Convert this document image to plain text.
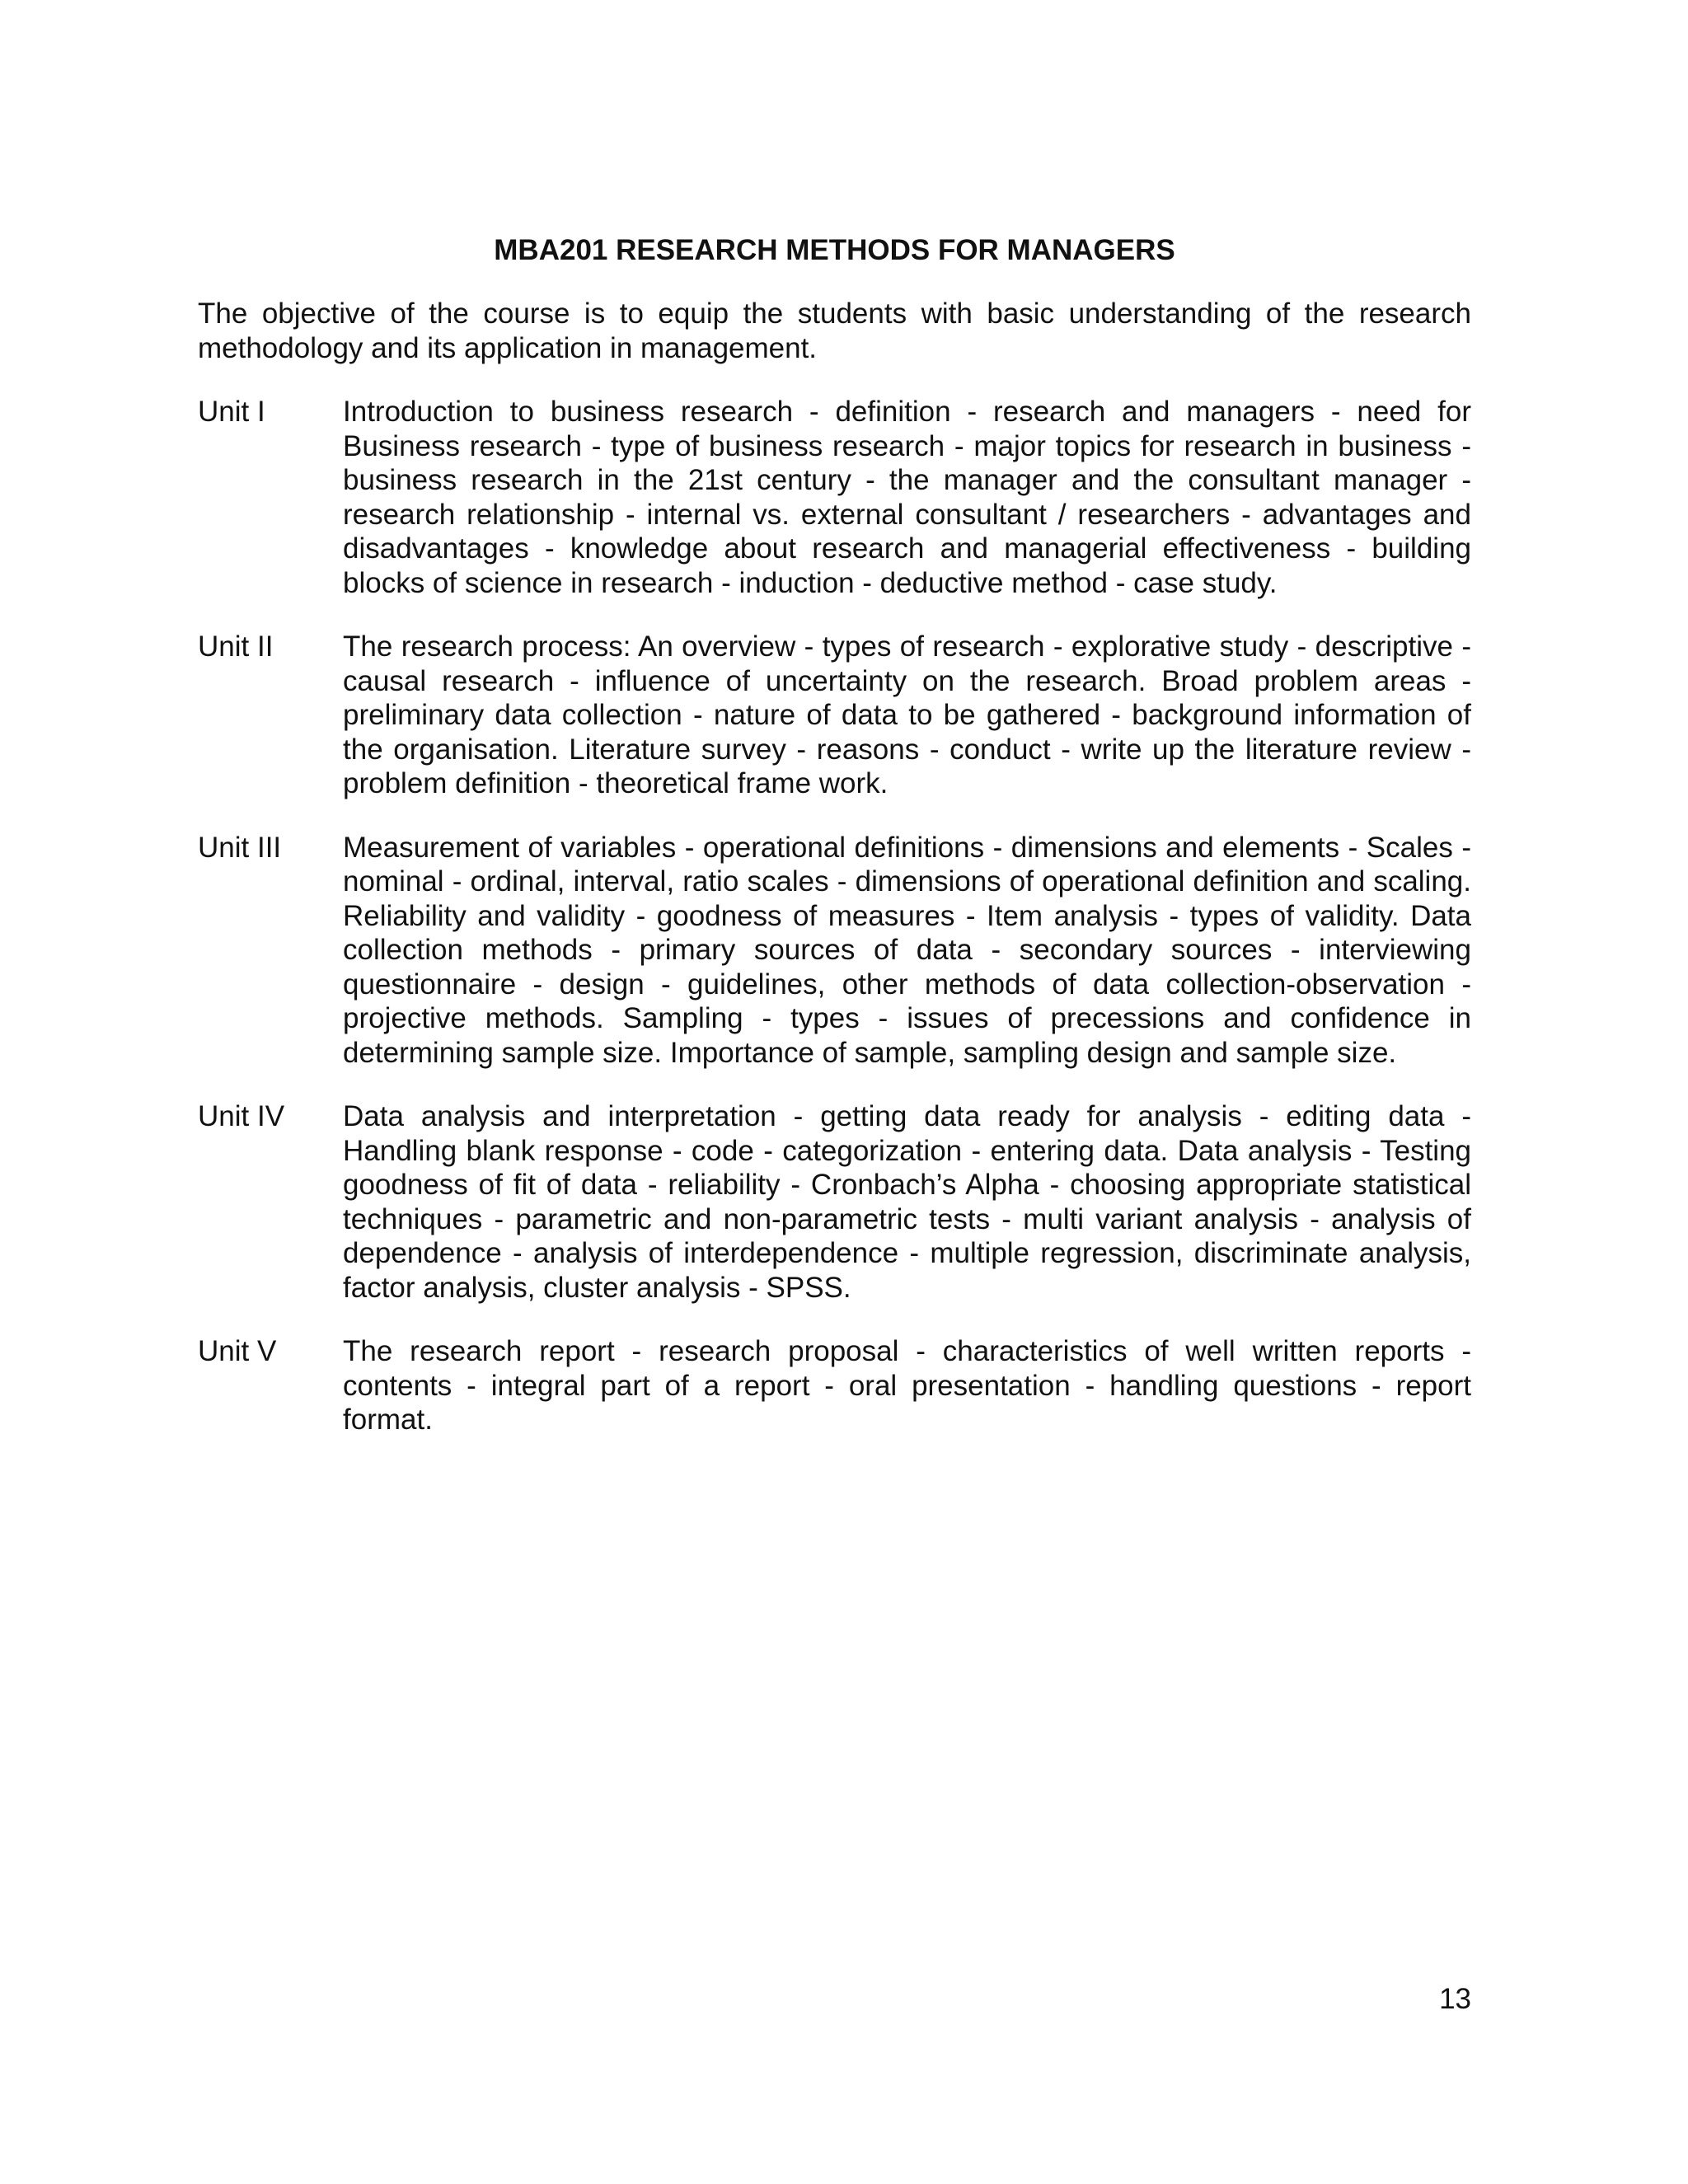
MBA201 RESEARCH METHODS FOR MANAGERS

The objective of the course is to equip the students with basic understanding of the research methodology and its application in management.

Unit I	Introduction to business research - definition - research and managers - need for Business research - type of business research - major topics for research in business - business research in the 21st century - the manager and the consultant manager - research relationship - internal vs. external consultant / researchers - advantages and disadvantages - knowledge about research and managerial effectiveness - building blocks of science in research - induction - deductive method - case study.
Unit II	The research process: An overview - types of research - explorative study - descriptive - causal research - influence of uncertainty on the research. Broad problem areas - preliminary data collection - nature of data to be gathered - background information of the organisation. Literature survey - reasons - conduct - write up the literature review - problem definition - theoretical frame work.
Unit III	Measurement of variables - operational definitions - dimensions and elements - Scales - nominal - ordinal, interval, ratio scales - dimensions of operational definition and scaling. Reliability and validity - goodness of measures - Item analysis - types of validity. Data collection methods - primary sources of data - secondary sources - interviewing questionnaire - design - guidelines, other methods of data collection-observation - projective methods. Sampling - types - issues of precessions and confidence in determining sample size. Importance of sample, sampling design and sample size.
Unit IV	Data analysis and interpretation - getting data ready for analysis - editing data - Handling blank response - code - categorization - entering data. Data analysis - Testing goodness of fit of data - reliability - Cronbach’s Alpha - choosing appropriate statistical techniques - parametric and non-parametric tests - multi variant analysis - analysis of dependence - analysis of interdependence - multiple regression, discriminate analysis, factor analysis, cluster analysis - SPSS.
Unit V	The research report - research proposal - characteristics of well written reports - contents - integral part of a report - oral presentation - handling questions - report format.
13
